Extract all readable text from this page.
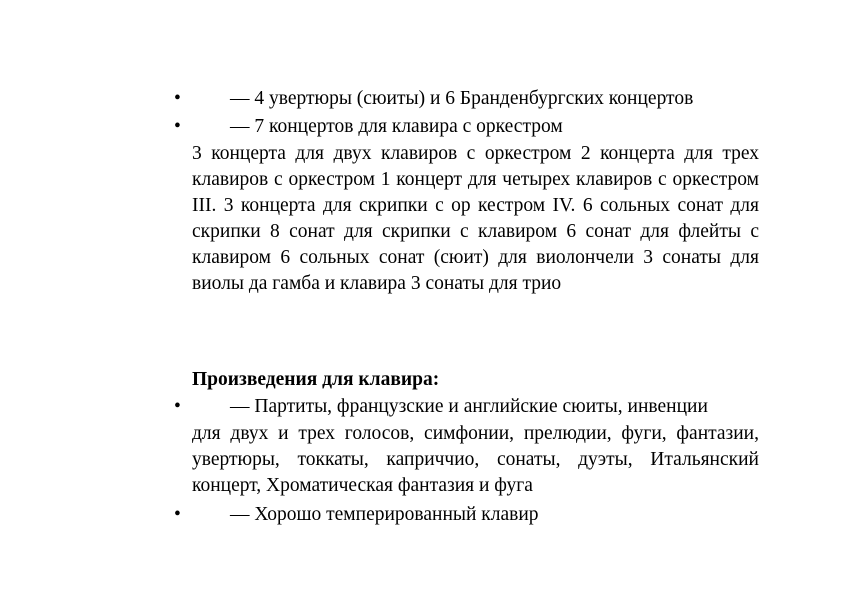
•	— 4 увертюры (сюиты) и 6 Бранденбургских концертов
•	— 7 концертов для клавира с оркестром
3 концерта для двух клавиров с оркестром 2 концерта для трех клавиров с оркестром 1 концерт для четырех клавиров с оркестром III. 3 концерта для скрипки с ор кестром IV. 6 сольных сонат для скрипки 8 сонат для скрипки с клавиром 6 сонат для флейты с клавиром 6 сольных сонат (сюит) для виолончели 3 сонаты для виолы да гамба и клавира 3 сонаты для трио
Произведения для клавира:
•	— Партиты, французские и английские сюиты, инвенции
для двух и трех голосов, симфонии, прелюдии, фуги, фантазии, увертюры, токкаты, каприччио, сонаты, дуэты, Итальянский концерт, Хроматическая фантазия и фуга
•	— Хорошо темперированный клавир
